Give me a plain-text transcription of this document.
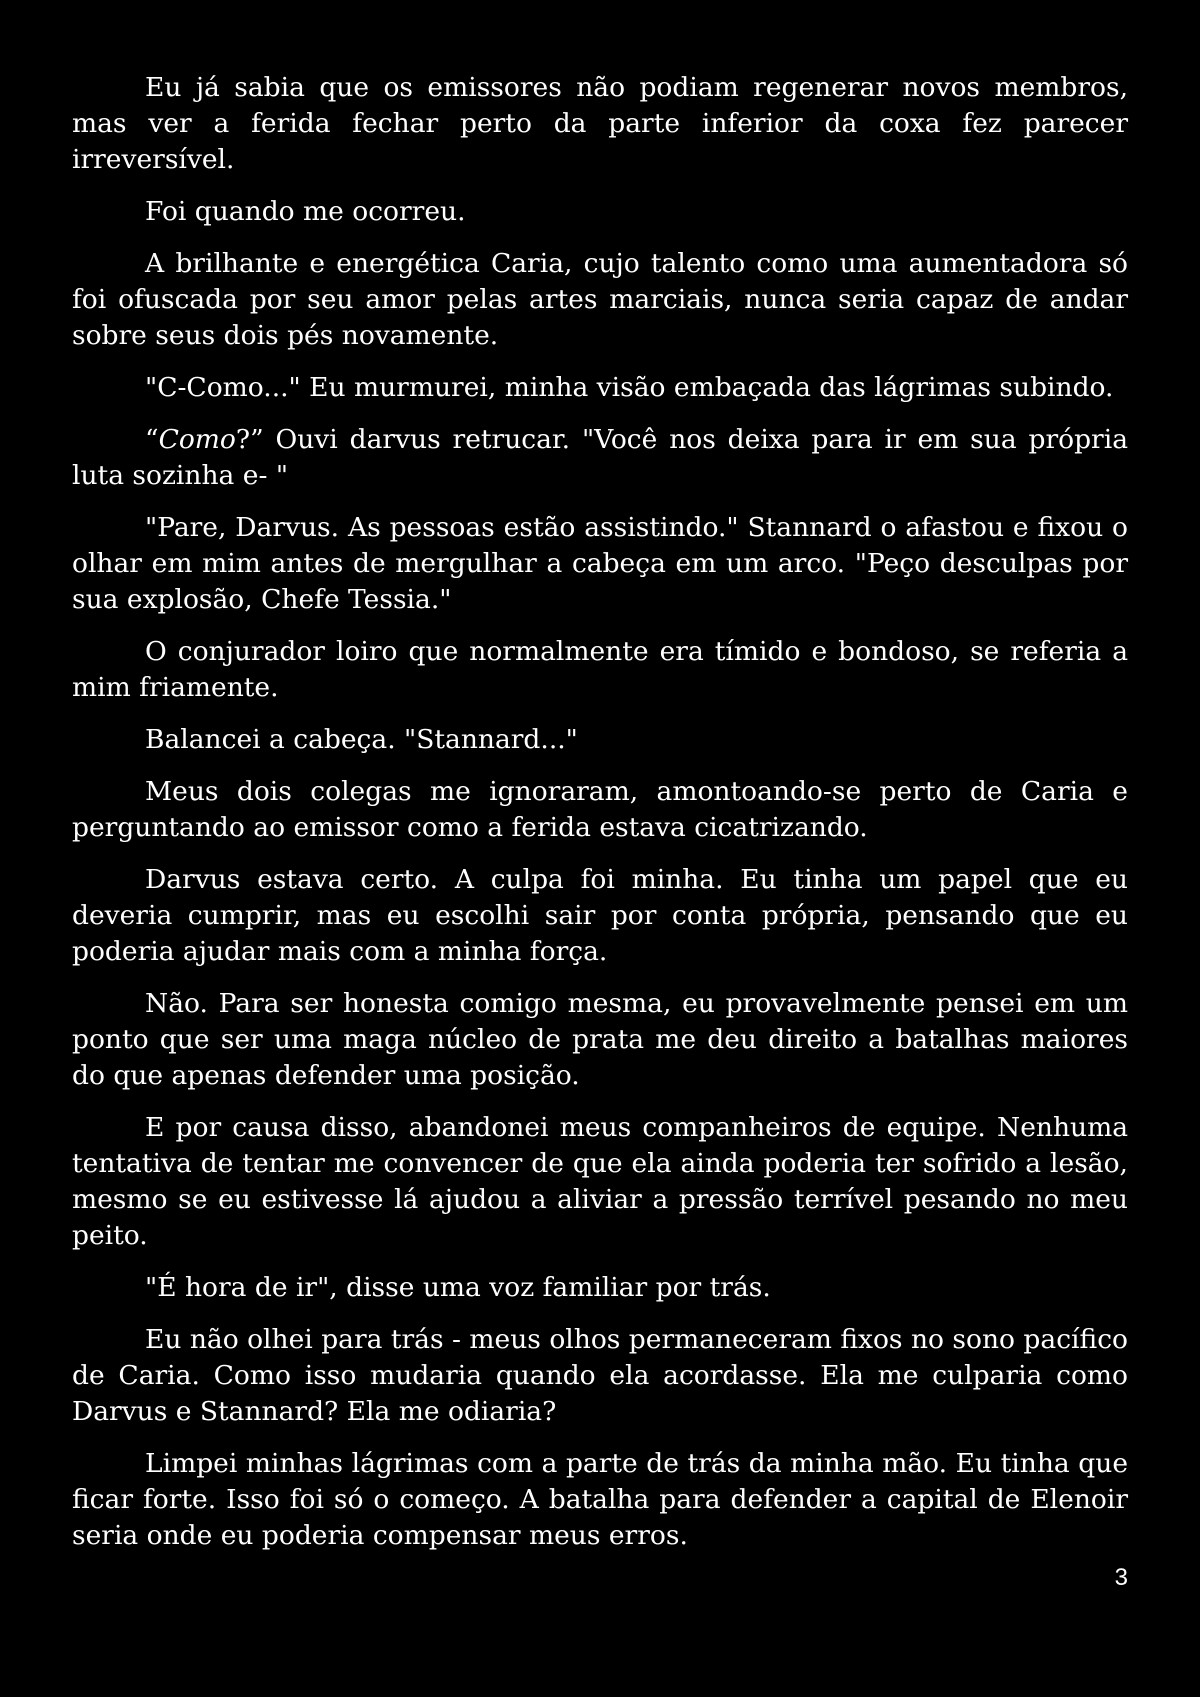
Eu já sabia que os emissores não podiam regenerar novos membros, mas ver a ferida fechar perto da parte inferior da coxa fez parecer irreversível.

Foi quando me ocorreu.

A brilhante e energética Caria, cujo talento como uma aumentadora só foi ofuscada por seu amor pelas artes marciais, nunca seria capaz de andar sobre seus dois pés novamente.

"C-Como..." Eu murmurei, minha visão embaçada das lágrimas subindo.

“Como?” Ouvi darvus retrucar. "Você nos deixa para ir em sua própria luta sozinha e- "

"Pare, Darvus. As pessoas estão assistindo." Stannard o afastou e fixou o olhar em mim antes de mergulhar a cabeça em um arco. "Peço desculpas por sua explosão, Chefe Tessia."

O conjurador loiro que normalmente era tímido e bondoso, se referia a mim friamente.

Balancei a cabeça. "Stannard..."

Meus dois colegas me ignoraram, amontoando-se perto de Caria e perguntando ao emissor como a ferida estava cicatrizando.

Darvus estava certo. A culpa foi minha. Eu tinha um papel que eu deveria cumprir, mas eu escolhi sair por conta própria, pensando que eu poderia ajudar mais com a minha força.

Não. Para ser honesta comigo mesma, eu provavelmente pensei em um ponto que ser uma maga núcleo de prata me deu direito a batalhas maiores do que apenas defender uma posição.

E por causa disso, abandonei meus companheiros de equipe. Nenhuma tentativa de tentar me convencer de que ela ainda poderia ter sofrido a lesão, mesmo se eu estivesse lá ajudou a aliviar a pressão terrível pesando no meu peito.

"É hora de ir", disse uma voz familiar por trás.

Eu não olhei para trás - meus olhos permaneceram fixos no sono pacífico de Caria. Como isso mudaria quando ela acordasse. Ela me culparia como Darvus e Stannard? Ela me odiaria?

Limpei minhas lágrimas com a parte de trás da minha mão. Eu tinha que ficar forte. Isso foi só o começo. A batalha para defender a capital de Elenoir seria onde eu poderia compensar meus erros.

3
